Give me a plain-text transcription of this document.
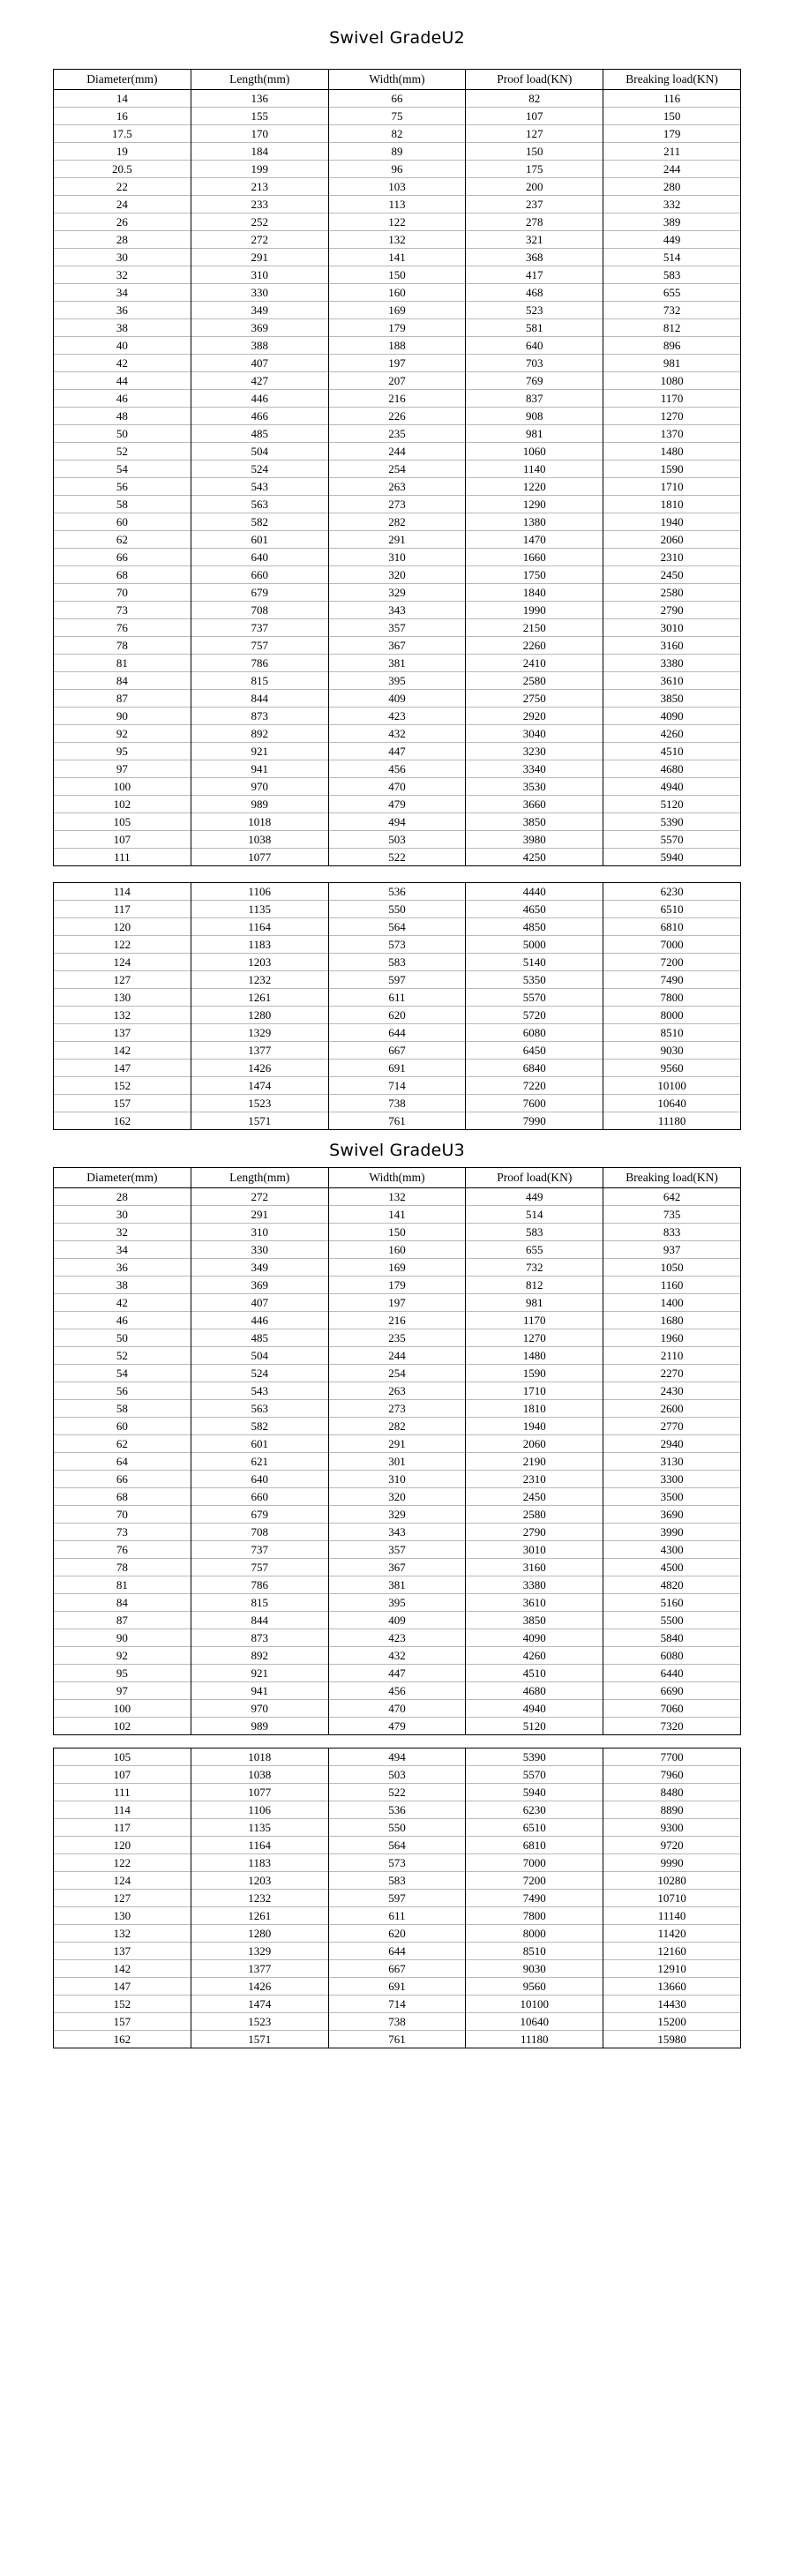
Swivel GradeU2
Diameter(mm)	Length(mm)	Width(mm)	Proof load(KN)	Breaking load(KN)
14	136	66	82	116
16	155	75	107	150
17.5	170	82	127	179
19	184	89	150	211
20.5	199	96	175	244
22	213	103	200	280
24	233	113	237	332
26	252	122	278	389
28	272	132	321	449
30	291	141	368	514
32	310	150	417	583
34	330	160	468	655
36	349	169	523	732
38	369	179	581	812
40	388	188	640	896
42	407	197	703	981
44	427	207	769	1080
46	446	216	837	1170
48	466	226	908	1270
50	485	235	981	1370
52	504	244	1060	1480
54	524	254	1140	1590
56	543	263	1220	1710
58	563	273	1290	1810
60	582	282	1380	1940
62	601	291	1470	2060
66	640	310	1660	2310
68	660	320	1750	2450
70	679	329	1840	2580
73	708	343	1990	2790
76	737	357	2150	3010
78	757	367	2260	3160
81	786	381	2410	3380
84	815	395	2580	3610
87	844	409	2750	3850
90	873	423	2920	4090
92	892	432	3040	4260
95	921	447	3230	4510
97	941	456	3340	4680
100	970	470	3530	4940
102	989	479	3660	5120
105	1018	494	3850	5390
107	1038	503	3980	5570
111	1077	522	4250	5940
114	1106	536	4440	6230
117	1135	550	4650	6510
120	1164	564	4850	6810
122	1183	573	5000	7000
124	1203	583	5140	7200
127	1232	597	5350	7490
130	1261	611	5570	7800
132	1280	620	5720	8000
137	1329	644	6080	8510
142	1377	667	6450	9030
147	1426	691	6840	9560
152	1474	714	7220	10100
157	1523	738	7600	10640
162	1571	761	7990	11180
Swivel GradeU3
Diameter(mm)	Length(mm)	Width(mm)	Proof load(KN)	Breaking load(KN)
28	272	132	449	642
30	291	141	514	735
32	310	150	583	833
34	330	160	655	937
36	349	169	732	1050
38	369	179	812	1160
42	407	197	981	1400
46	446	216	1170	1680
50	485	235	1270	1960
52	504	244	1480	2110
54	524	254	1590	2270
56	543	263	1710	2430
58	563	273	1810	2600
60	582	282	1940	2770
62	601	291	2060	2940
64	621	301	2190	3130
66	640	310	2310	3300
68	660	320	2450	3500
70	679	329	2580	3690
73	708	343	2790	3990
76	737	357	3010	4300
78	757	367	3160	4500
81	786	381	3380	4820
84	815	395	3610	5160
87	844	409	3850	5500
90	873	423	4090	5840
92	892	432	4260	6080
95	921	447	4510	6440
97	941	456	4680	6690
100	970	470	4940	7060
102	989	479	5120	7320
105	1018	494	5390	7700
107	1038	503	5570	7960
111	1077	522	5940	8480
114	1106	536	6230	8890
117	1135	550	6510	9300
120	1164	564	6810	9720
122	1183	573	7000	9990
124	1203	583	7200	10280
127	1232	597	7490	10710
130	1261	611	7800	11140
132	1280	620	8000	11420
137	1329	644	8510	12160
142	1377	667	9030	12910
147	1426	691	9560	13660
152	1474	714	10100	14430
157	1523	738	10640	15200
162	1571	761	11180	15980
